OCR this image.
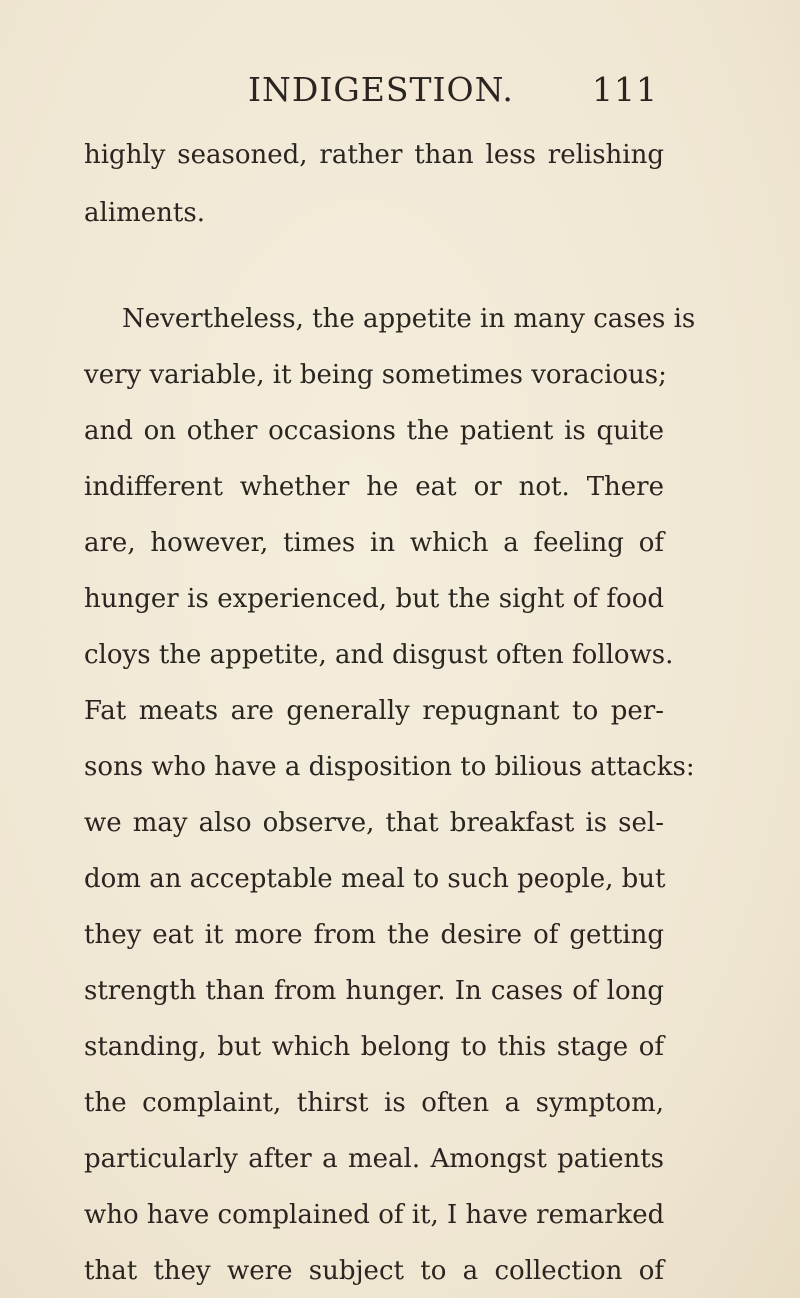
INDIGESTION. 111
highly seasoned, rather than less relishing
aliments.
Nevertheless, the appetite in many cases is
very variable, it being sometimes voracious;
and on other occasions the patient is quite
indifferent whether he eat or not. There
are, however, times in which a feeling of
hunger is experienced, but the sight of food
cloys the appetite, and disgust often follows.
Fat meats are generally repugnant to per-
sons who have a disposition to bilious attacks:
we may also observe, that breakfast is sel-
dom an acceptable meal to such people, but
they eat it more from the desire of getting
strength than from hunger. In cases of long
standing, but which belong to this stage of
the complaint, thirst is often a symptom,
particularly after a meal. Amongst patients
who have complained of it, I have remarked
that they were subject to a collection of
